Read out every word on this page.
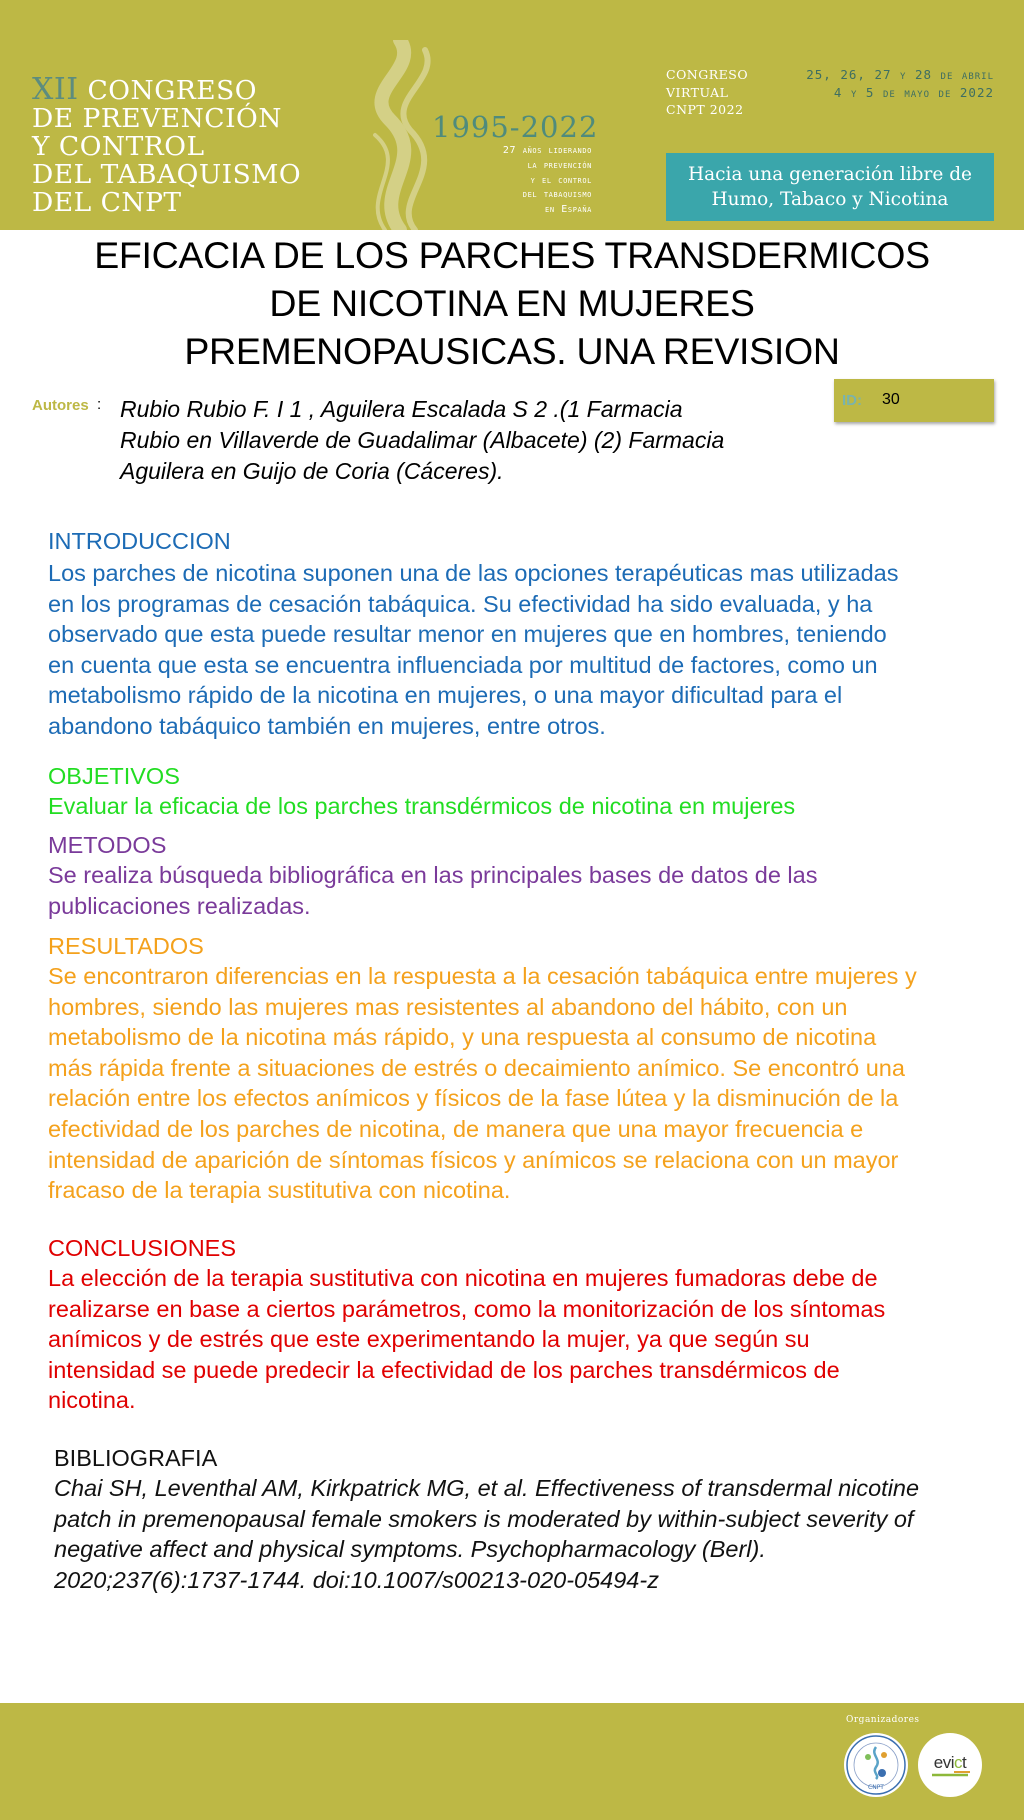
XII CONGRESO
DE PREVENCIÓN
Y CONTROL
DEL TABAQUISMO
DEL CNPT
1995-2022
27 años liderando
la prevención
y el control
del tabaquismo
en España
CONGRESO
VIRTUAL
CNPT 2022
25, 26, 27 y 28 de abril
4 y 5 de mayo de 2022
Hacia una generación libre de
Humo, Tabaco y Nicotina
EFICACIA DE LOS PARCHES TRANSDERMICOS
DE NICOTINA EN MUJERES
PREMENOPAUSICAS. UNA REVISION
Autores : Rubio Rubio F. I 1 , Aguilera Escalada S 2 .(1 Farmacia
Rubio en Villaverde de Guadalimar (Albacete) (2) Farmacia
Aguilera en Guijo de Coria (Cáceres).
ID: 30
INTRODUCCION
Los parches de nicotina suponen una de las opciones terapéuticas mas utilizadas
en los programas de cesación tabáquica. Su efectividad ha sido evaluada, y ha
observado que esta puede resultar menor en mujeres que en hombres, teniendo
en cuenta que esta se encuentra influenciada por multitud de factores, como un
metabolismo rápido de la nicotina en mujeres, o una mayor dificultad para el
abandono tabáquico también en mujeres, entre otros.
OBJETIVOS
Evaluar la eficacia de los parches transdérmicos de nicotina en mujeres
METODOS
Se realiza búsqueda bibliográfica en las principales bases de datos de las
publicaciones realizadas.
RESULTADOS
Se encontraron diferencias en la respuesta a la cesación tabáquica entre mujeres y
hombres, siendo las mujeres mas resistentes al abandono del hábito, con un
metabolismo de la nicotina más rápido, y una respuesta al consumo de nicotina
más rápida frente a situaciones de estrés o decaimiento anímico. Se encontró una
relación entre los efectos anímicos y físicos de la fase lútea y la disminución de la
efectividad de los parches de nicotina, de manera que una mayor frecuencia e
intensidad de aparición de síntomas físicos y anímicos se relaciona con un mayor
fracaso de la terapia sustitutiva con nicotina.
CONCLUSIONES
La elección de la terapia sustitutiva con nicotina en mujeres fumadoras debe de
realizarse en base a ciertos parámetros, como la monitorización de los síntomas
anímicos y de estrés que este experimentando la mujer, ya que según su
intensidad se puede predecir la efectividad de los parches transdérmicos de
nicotina.
BIBLIOGRAFIA
Chai SH, Leventhal AM, Kirkpatrick MG, et al. Effectiveness of transdermal nicotine
patch in premenopausal female smokers is moderated by within-subject severity of
negative affect and physical symptoms. Psychopharmacology (Berl).
2020;237(6):1737-1744. doi:10.1007/s00213-020-05494-z
Organizadores
CNPT
evict
